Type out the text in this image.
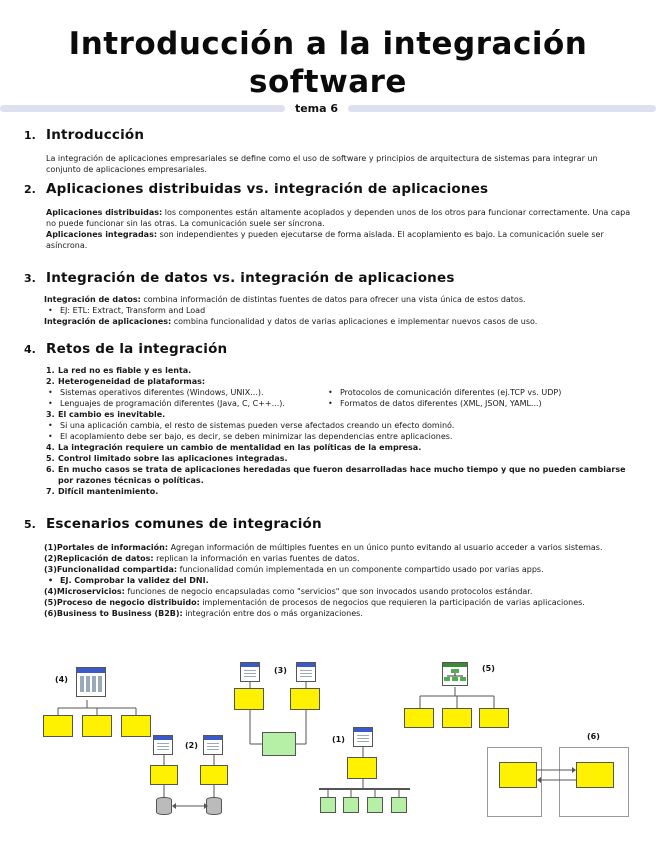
Introducción a la integración
software
tema 6
1. Introducción

La integración de aplicaciones empresariales se define como el uso de software y principios de arquitectura de sistemas para integrar un conjunto de aplicaciones empresariales.

2. Aplicaciones distribuidas vs. integración de aplicaciones

Aplicaciones distribuidas: los componentes están altamente acoplados y dependen unos de los otros para funcionar correctamente. Una capa no puede funcionar sin las otras. La comunicación suele ser síncrona.

Aplicaciones integradas: son independientes y pueden ejecutarse de forma aislada. El acoplamiento es bajo. La comunicación suele ser asíncrona.

3. Integración de datos vs. integración de aplicaciones

Integración de datos: combina información de distintas fuentes de datos para ofrecer una vista única de estos datos.

• EJ: ETL: Extract, Transform and Load

Integración de aplicaciones: combina funcionalidad y datos de varias aplicaciones e implementar nuevos casos de uso.

4. Retos de la integración
1. La red no es fiable y es lenta.
2. Heterogeneidad de plataformas:
• Sistemas operativos diferentes (Windows, UNIX...).
• Lenguajes de programación diferentes (Java, C, C++...).
• Protocolos de comunicación diferentes (ej.TCP vs. UDP)
• Formatos de datos diferentes (XML, JSON, YAML...)
3. El cambio es inevitable.
• Si una aplicación cambia, el resto de sistemas pueden verse afectados creando un efecto dominó.
• El acoplamiento debe ser bajo, es decir, se deben minimizar las dependencias entre aplicaciones.
4. La integración requiere un cambio de mentalidad en las políticas de la empresa.
5. Control limitado sobre las aplicaciones integradas.
6. En mucho casos se trata de aplicaciones heredadas que fueron desarrolladas hace mucho tiempo y que no pueden cambiarse por razones técnicas o políticas.
7. Difícil mantenimiento.
5. Escenarios comunes de integración

(1)Portales de información: Agregan información de múltiples fuentes en un único punto evitando al usuario acceder a varios sistemas.

(2)Replicación de datos: replican la información en varias fuentes de datos.

(3)Funcionalidad compartida: funcionalidad común implementada en un componente compartido usado por varias apps.

• EJ. Comprobar la validez del DNI.

(4)Microservicios: funciones de negocio encapsuladas como "servicios" que son invocados usando protocolos estándar.

(5)Proceso de negocio distribuido: implementación de procesos de negocios que requieren la participación de varias aplicaciones.

(6)Business to Business (B2B): integración entre dos o más organizaciones.

(4)
(2)
(3)
(1)
(5)
(6)
